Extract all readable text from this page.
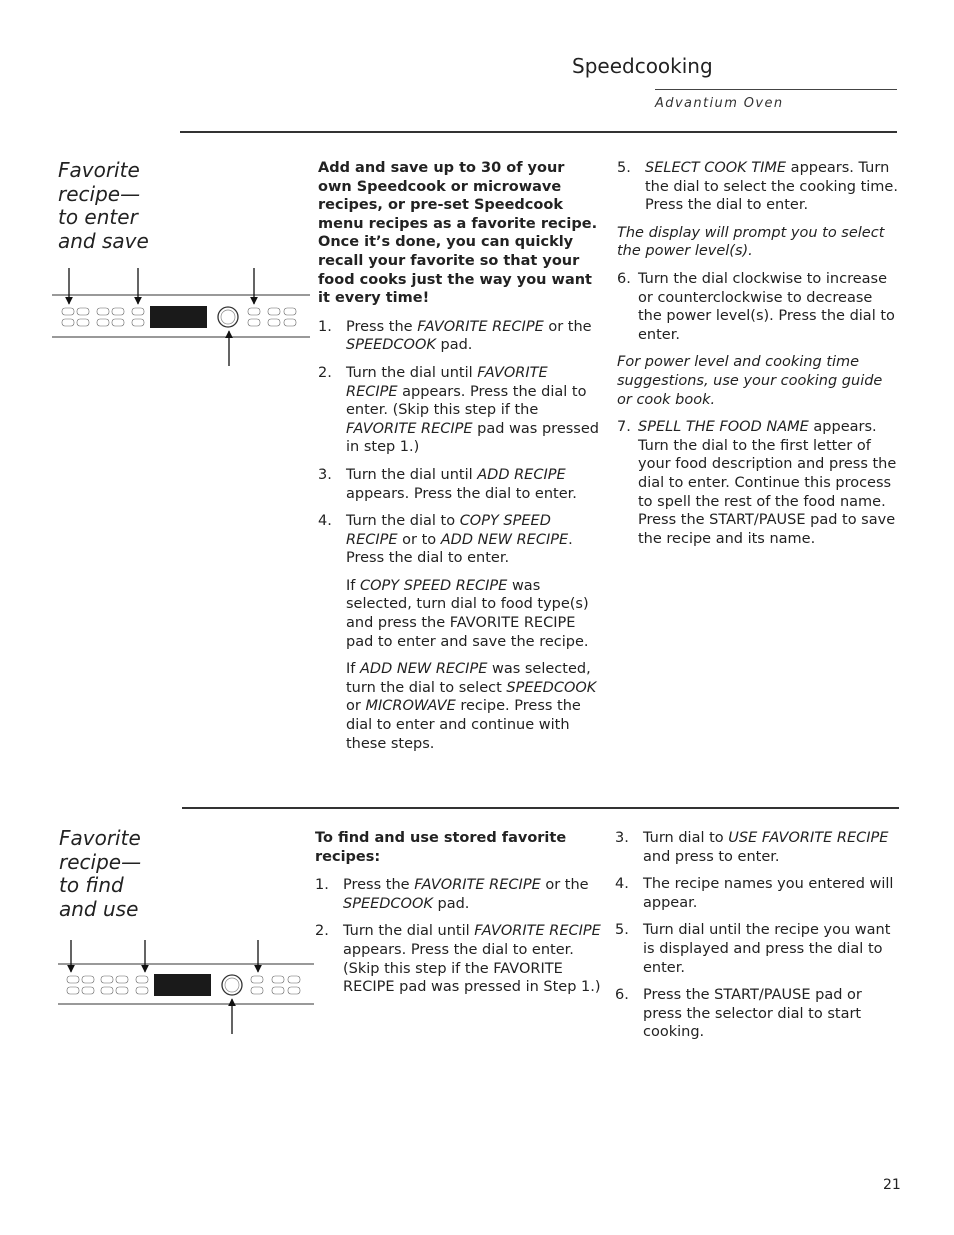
Speedcooking
Advantium Oven
Favorite
recipe—
to enter
and save

Add and save up to 30 of your own Speedcook or microwave recipes, or pre-set Speedcook menu recipes as a favorite recipe. Once it’s done, you can quickly recall your favorite so that your food cooks just the way you want it every time!

1. Press the FAVORITE RECIPE or the SPEEDCOOK pad.
2. Turn the dial until FAVORITE RECIPE appears. Press the dial to enter. (Skip this step if the FAVORITE RECIPE pad was pressed in step 1.)
3. Turn the dial until ADD RECIPE appears. Press the dial to enter.
4. Turn the dial to COPY SPEED RECIPE or to ADD NEW RECIPE. Press the dial to enter.
If COPY SPEED RECIPE was selected, turn dial to food type(s) and press the FAVORITE RECIPE pad to enter and save the recipe.
If ADD NEW RECIPE was selected, turn the dial to select SPEEDCOOK or MICROWAVE recipe. Press the dial to enter and continue with these steps.
5. SELECT COOK TIME appears. Turn the dial to select the cooking time. Press the dial to enter.
The display will prompt you to select the power level(s).
6. Turn the dial clockwise to increase or counterclockwise to decrease the power level(s). Press the dial to enter.
For power level and cooking time suggestions, use your cooking guide or cook book.
7. SPELL THE FOOD NAME appears. Turn the dial to the first letter of your food description and press the dial to enter. Continue this process to spell the rest of the food name. Press the START/PAUSE pad to save the recipe and its name.
Favorite
recipe—
to find
and use

To find and use stored favorite recipes:

1. Press the FAVORITE RECIPE or the SPEEDCOOK pad.
2. Turn the dial until FAVORITE RECIPE appears. Press the dial to enter. (Skip this step if the FAVORITE RECIPE pad was pressed in Step 1.)
3. Turn dial to USE FAVORITE RECIPE and press to enter.
4. The recipe names you entered will appear.
5. Turn dial until the recipe you want is displayed and press the dial to enter.
6. Press the START/PAUSE pad or press the selector dial to start cooking.
21
